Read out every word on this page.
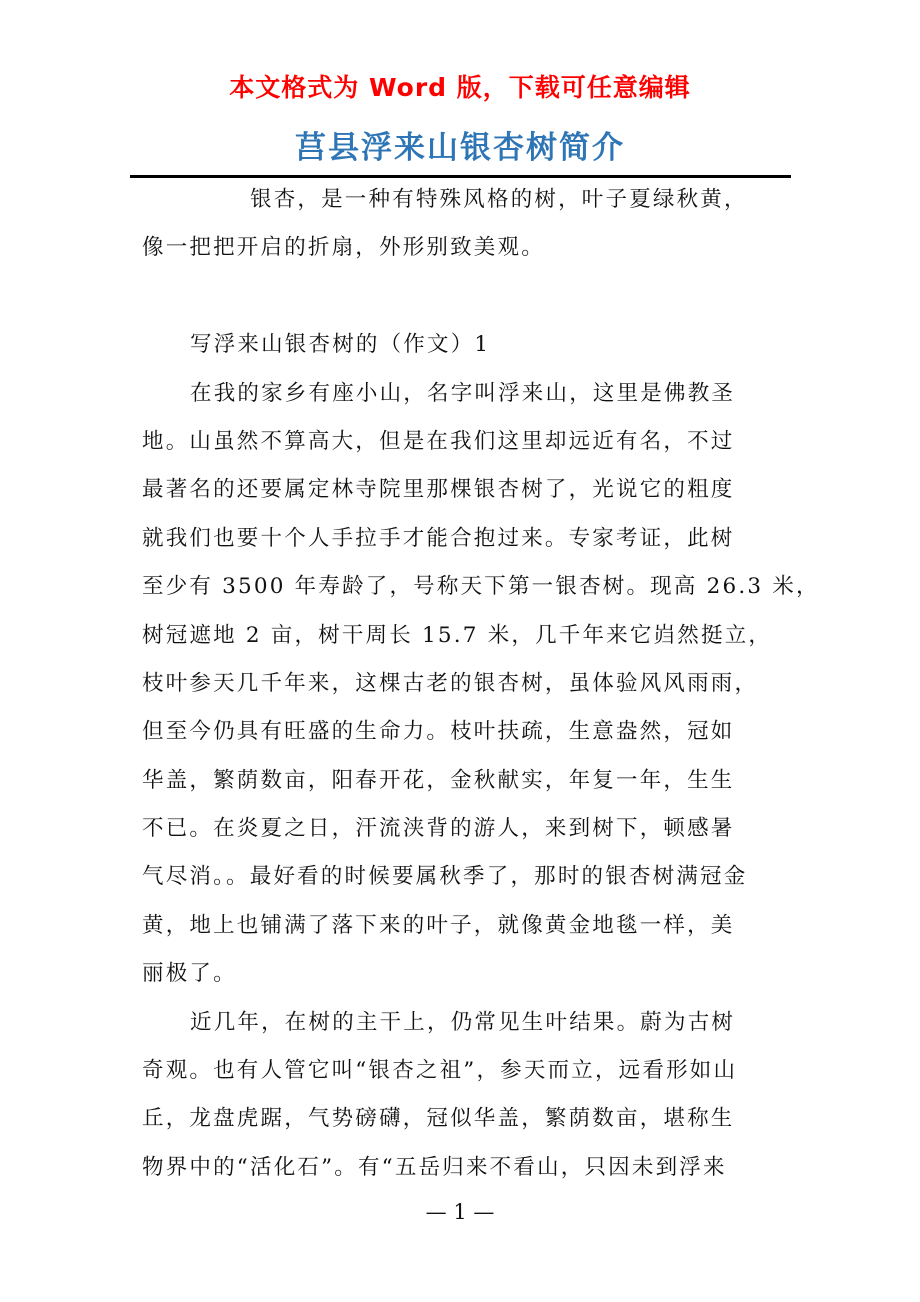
本文格式为 Word 版，下载可任意编辑
莒县浮来山银杏树简介
银杏，是一种有特殊风格的树，叶子夏绿秋黄，
像一把把开启的折扇，外形别致美观。
写浮来山银杏树的（作文）1
在我的家乡有座小山，名字叫浮来山，这里是佛教圣
地。山虽然不算高大，但是在我们这里却远近有名，不过
最著名的还要属定林寺院里那棵银杏树了，光说它的粗度
就我们也要十个人手拉手才能合抱过来。专家考证，此树
至少有 3500 年寿龄了，号称天下第一银杏树。现高 26.3 米，
树冠遮地 2 亩，树干周长 15.7 米，几千年来它岿然挺立，
枝叶参天几千年来，这棵古老的银杏树，虽体验风风雨雨，
但至今仍具有旺盛的生命力。枝叶扶疏，生意盎然，冠如
华盖，繁荫数亩，阳春开花，金秋献实，年复一年，生生
不已。在炎夏之日，汗流浃背的游人，来到树下，顿感暑
气尽消。。最好看的时候要属秋季了，那时的银杏树满冠金
黄，地上也铺满了落下来的叶子，就像黄金地毯一样，美
丽极了。
近几年，在树的主干上，仍常见生叶结果。蔚为古树
奇观。也有人管它叫“银杏之祖”，参天而立，远看形如山
丘，龙盘虎踞，气势磅礴，冠似华盖，繁荫数亩，堪称生
物界中的“活化石”。有“五岳归来不看山，只因未到浮来
— 1 —
